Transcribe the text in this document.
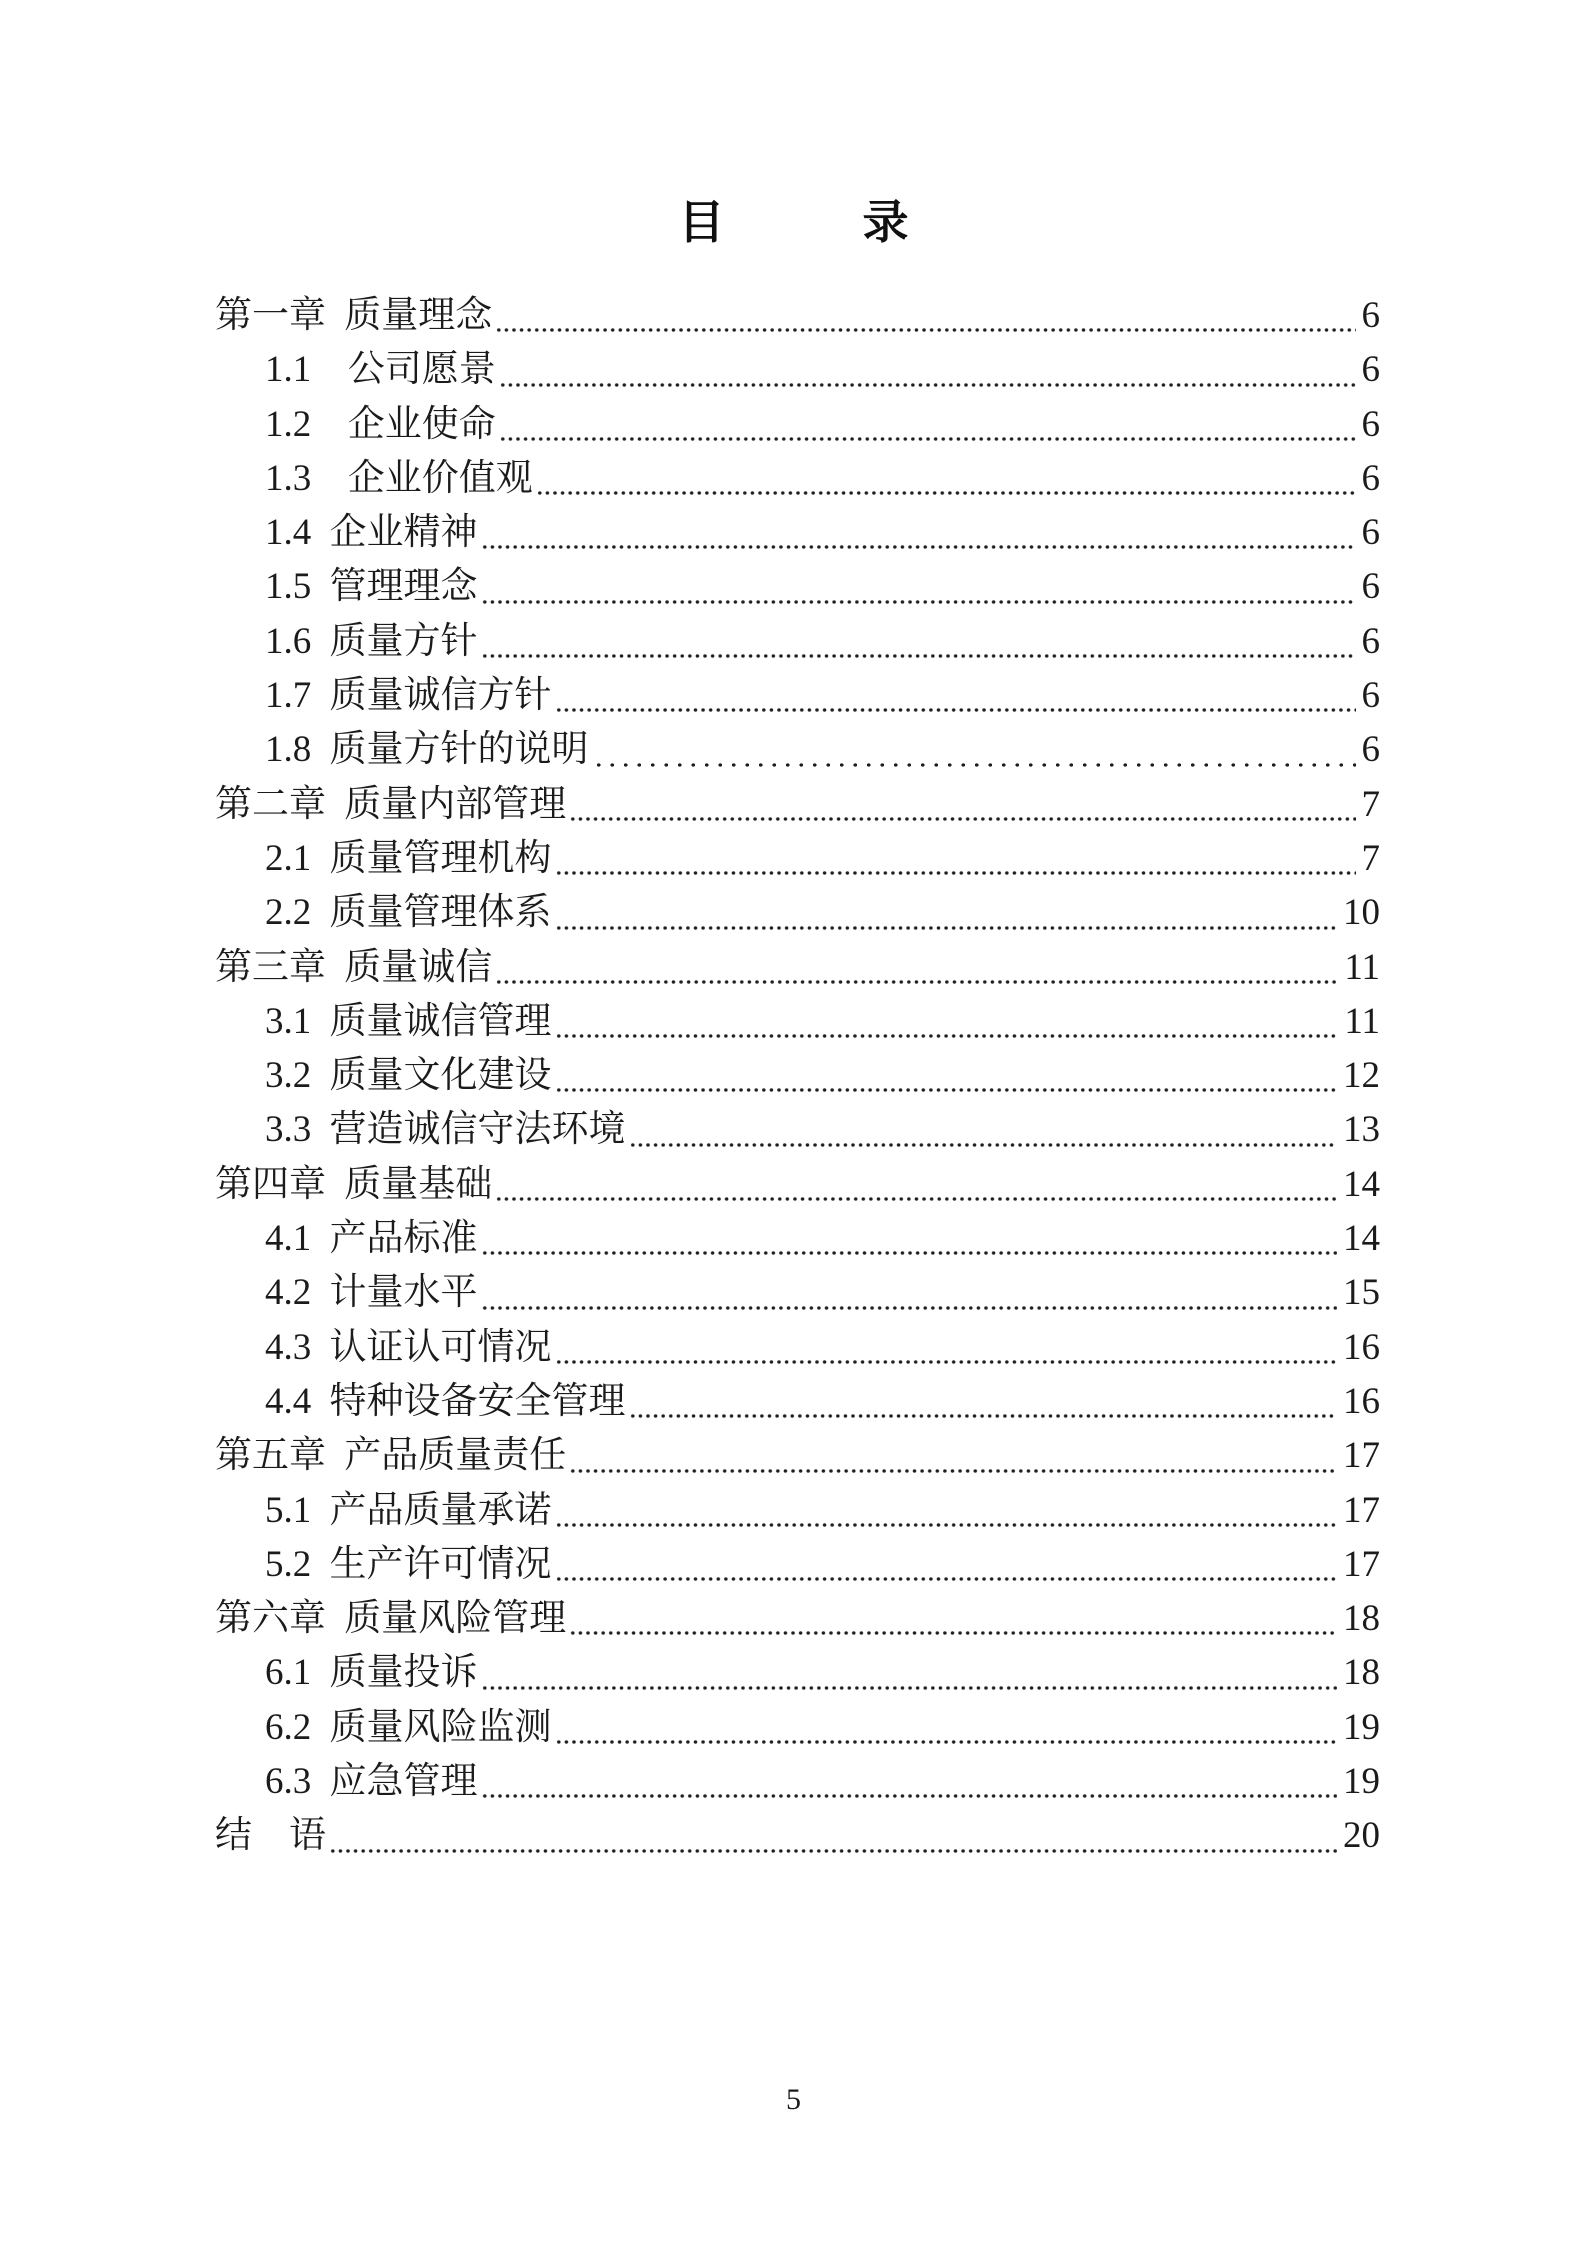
目　　　录
第一章 质量理念	6
1.1  公司愿景	6
1.2  企业使命	6
1.3  企业价值观	6
1.4 企业精神	6
1.5 管理理念	6
1.6 质量方针	6
1.7 质量诚信方针	6
1.8 质量方针的说明	6
第二章 质量内部管理	7
2.1 质量管理机构	7
2.2 质量管理体系	10
第三章 质量诚信	11
3.1 质量诚信管理	11
3.2 质量文化建设	12
3.3 营造诚信守法环境	13
第四章 质量基础	14
4.1 产品标准	14
4.2 计量水平	15
4.3 认证认可情况	16
4.4 特种设备安全管理	16
第五章 产品质量责任	17
5.1 产品质量承诺	17
5.2 生产许可情况	17
第六章 质量风险管理	18
6.1 质量投诉	18
6.2 质量风险监测	19
6.3 应急管理	19
结　语	20
5
